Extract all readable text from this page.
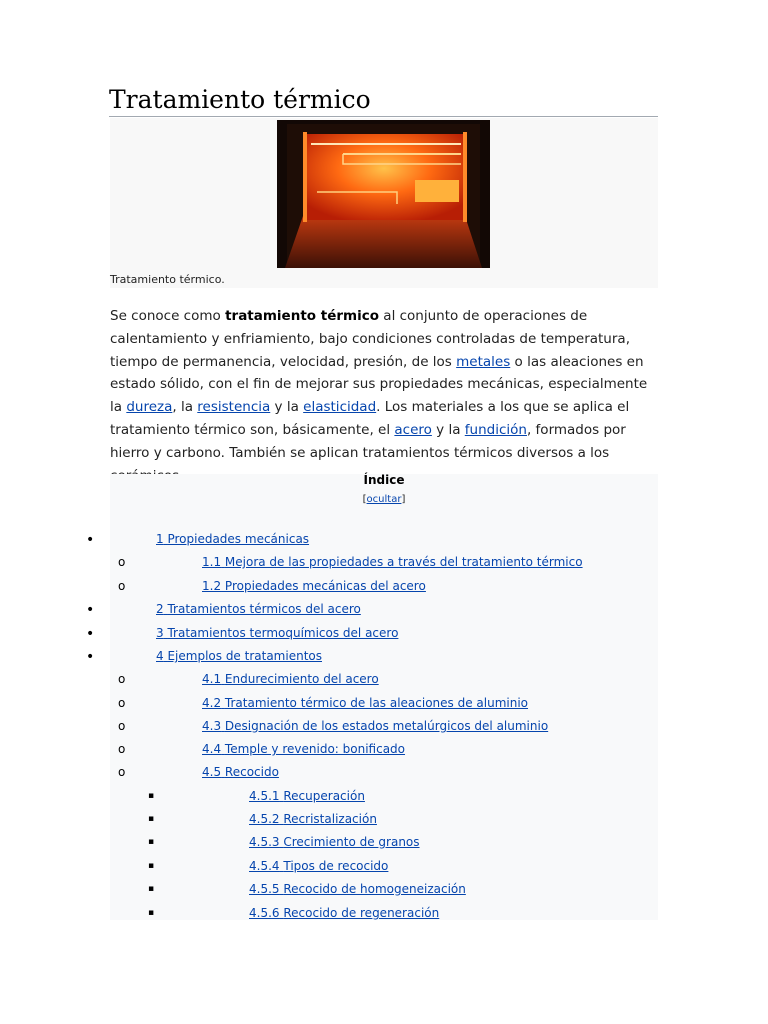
Tratamiento térmico
Tratamiento térmico.

Se conoce como tratamiento térmico al conjunto de operaciones de calentamiento y enfriamiento, bajo condiciones controladas de temperatura, tiempo de permanencia, velocidad, presión, de los metales o las aleaciones en estado sólido, con el fin de mejorar sus propiedades mecánicas, especialmente la dureza, la resistencia y la elasticidad. Los materiales a los que se aplica el tratamiento térmico son, básicamente, el acero y la fundición, formados por hierro y carbono. También se aplican tratamientos térmicos diversos a los

Índice
[ocultar]
•
o
o
•
•
•
o
o
o
o
o
▪
▪
▪
▪
▪
▪
1 Propiedades mecánicas
1.1 Mejora de las propiedades a través del tratamiento térmico
1.2 Propiedades mecánicas del acero
2 Tratamientos térmicos del acero
3 Tratamientos termoquímicos del acero
4 Ejemplos de tratamientos
4.1 Endurecimiento del acero
4.2 Tratamiento térmico de las aleaciones de aluminio
4.3 Designación de los estados metalúrgicos del aluminio
4.4 Temple y revenido: bonificado
4.5 Recocido
4.5.1 Recuperación
4.5.2 Recristalización
4.5.3 Crecimiento de granos
4.5.4 Tipos de recocido
4.5.5 Recocido de homogeneización
4.5.6 Recocido de regeneración
